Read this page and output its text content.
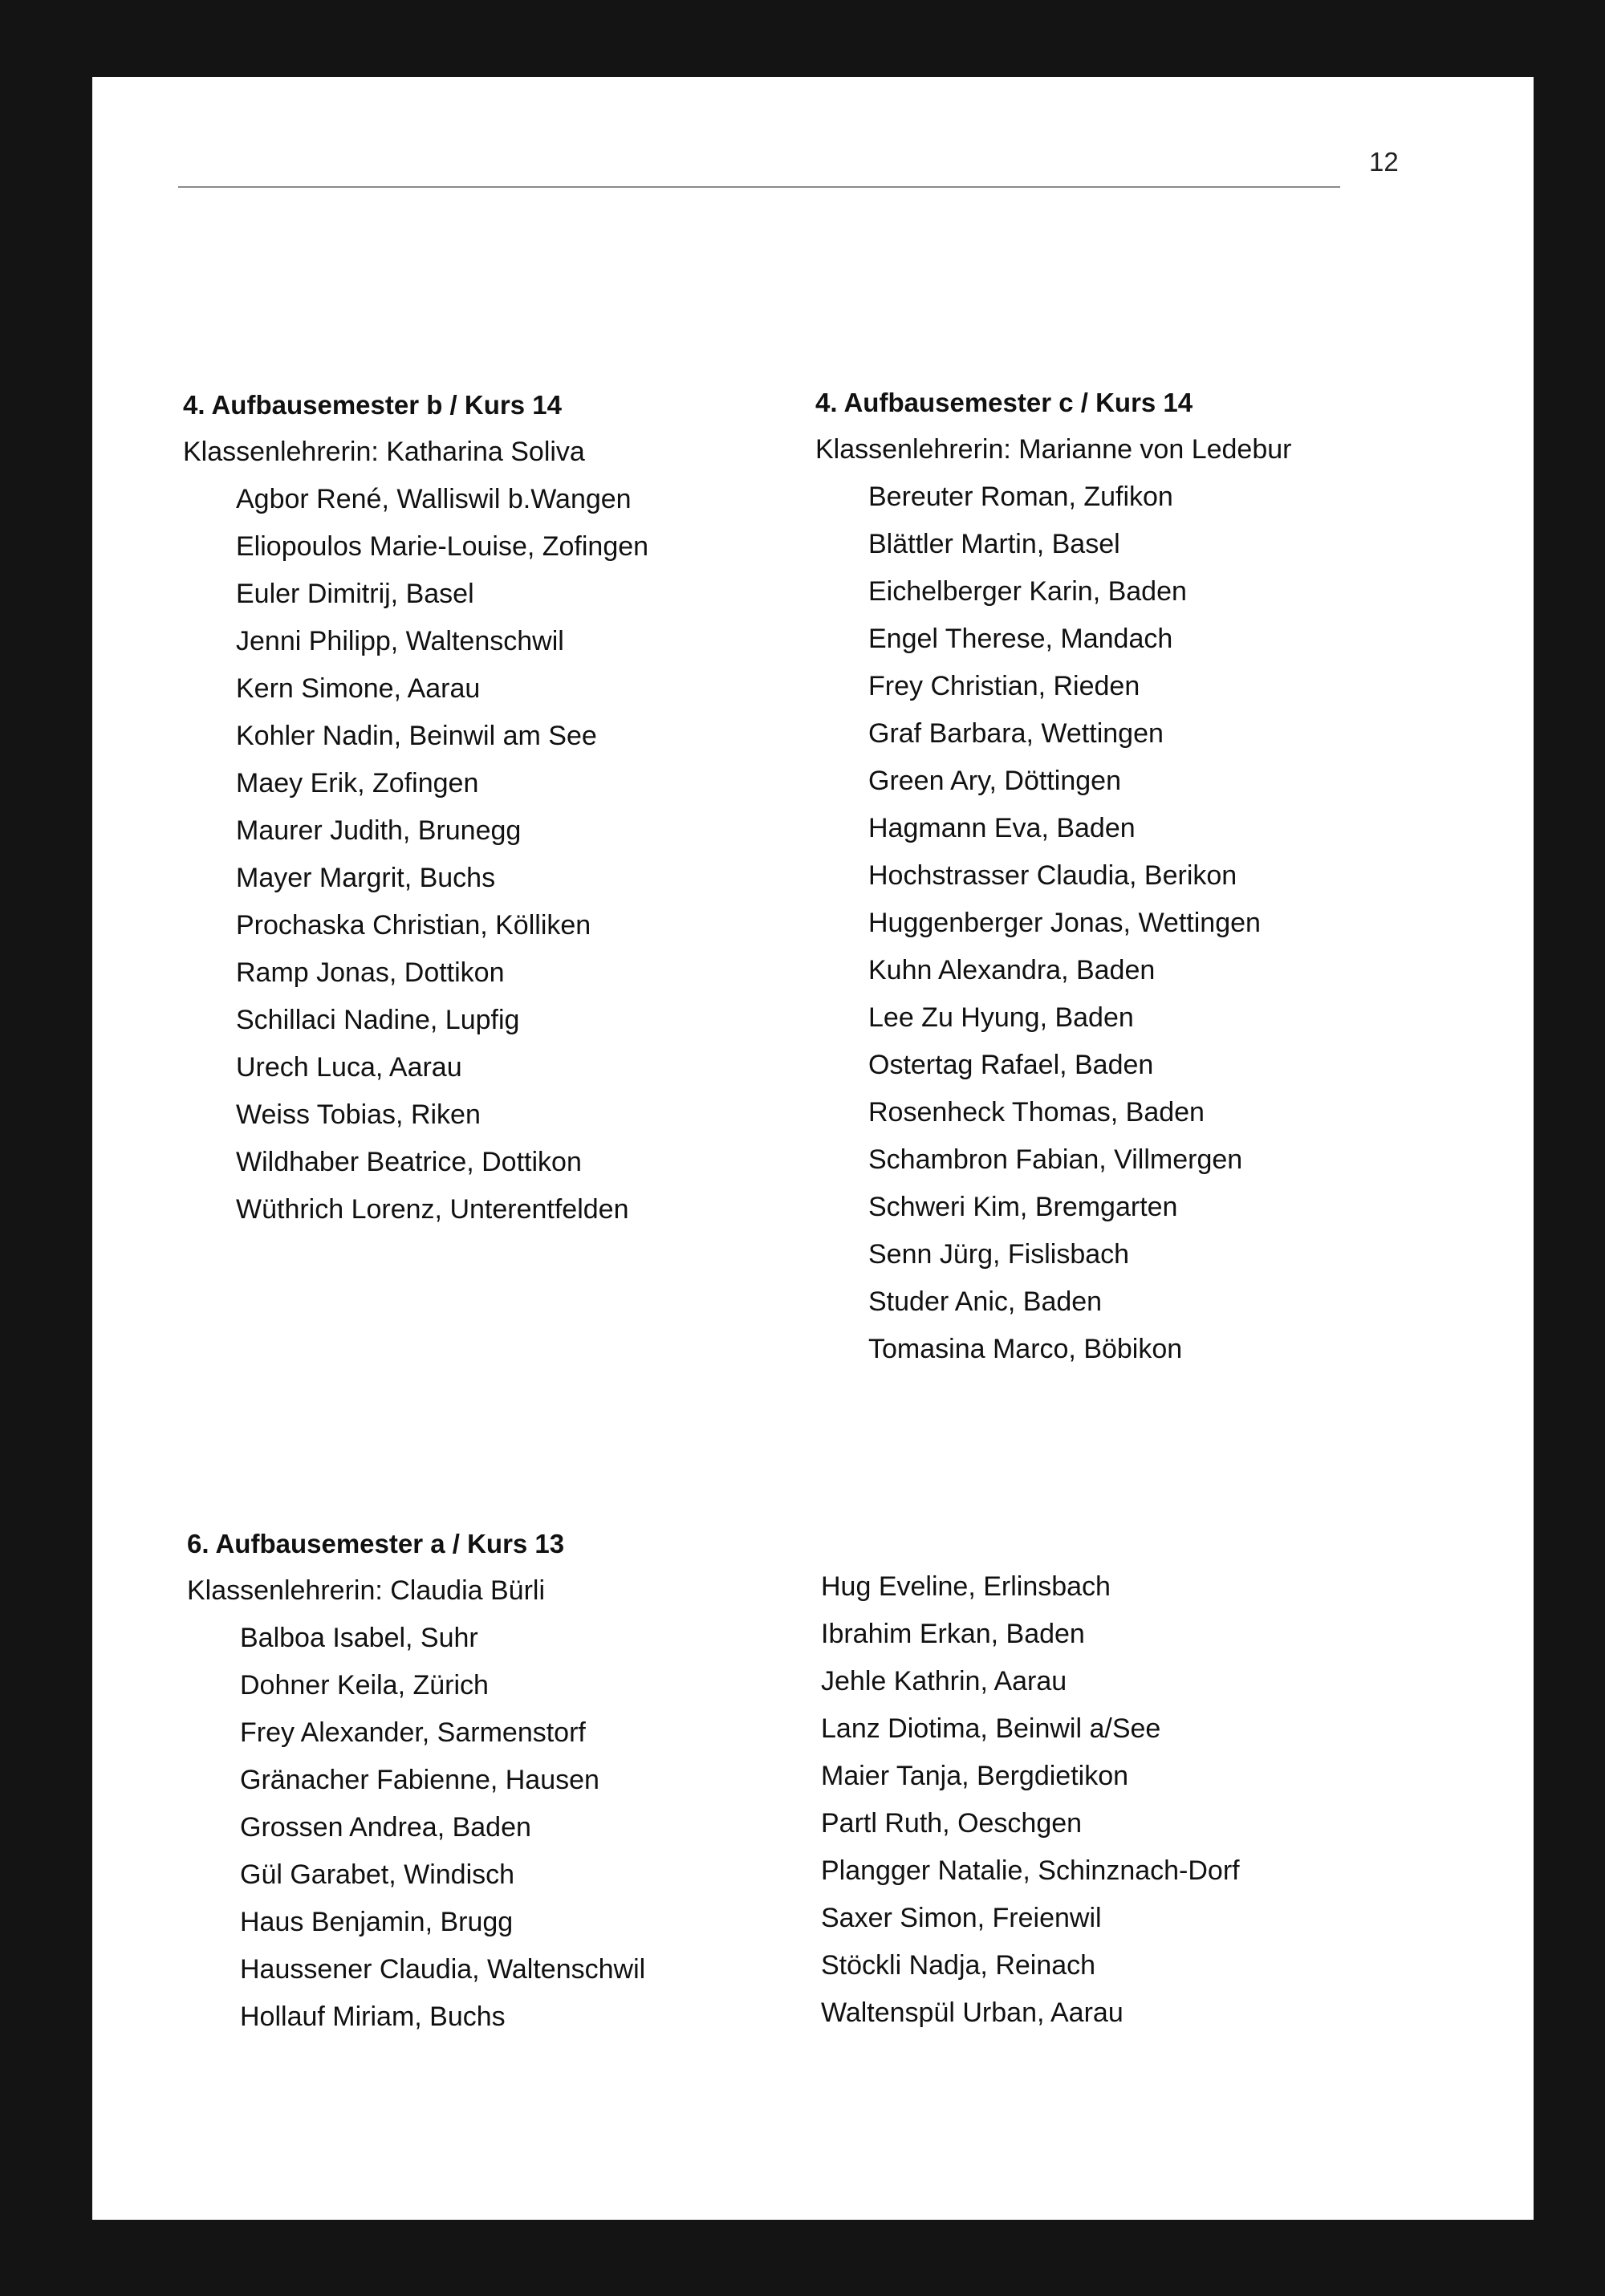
12
4. Aufbausemester b / Kurs 14
Klassenlehrerin: Katharina Soliva
Agbor René, Walliswil b.Wangen
Eliopoulos Marie-Louise, Zofingen
Euler Dimitrij, Basel
Jenni Philipp, Waltenschwil
Kern Simone, Aarau
Kohler Nadin, Beinwil am See
Maey Erik, Zofingen
Maurer Judith, Brunegg
Mayer Margrit, Buchs
Prochaska Christian, Kölliken
Ramp Jonas, Dottikon
Schillaci Nadine, Lupfig
Urech Luca, Aarau
Weiss Tobias, Riken
Wildhaber Beatrice, Dottikon
Wüthrich Lorenz, Unterentfelden
4. Aufbausemester c / Kurs 14
Klassenlehrerin: Marianne von Ledebur
Bereuter Roman, Zufikon
Blättler Martin, Basel
Eichelberger Karin, Baden
Engel Therese, Mandach
Frey Christian, Rieden
Graf Barbara, Wettingen
Green Ary, Döttingen
Hagmann Eva, Baden
Hochstrasser Claudia, Berikon
Huggenberger Jonas, Wettingen
Kuhn Alexandra, Baden
Lee Zu Hyung, Baden
Ostertag Rafael, Baden
Rosenheck Thomas, Baden
Schambron Fabian, Villmergen
Schweri Kim, Bremgarten
Senn Jürg, Fislisbach
Studer Anic, Baden
Tomasina Marco, Böbikon
6. Aufbausemester a / Kurs 13
Klassenlehrerin: Claudia Bürli
Balboa Isabel, Suhr
Dohner Keila, Zürich
Frey Alexander, Sarmenstorf
Gränacher Fabienne, Hausen
Grossen Andrea, Baden
Gül Garabet, Windisch
Haus Benjamin, Brugg
Haussener Claudia, Waltenschwil
Hollauf Miriam, Buchs
Hug Eveline, Erlinsbach
Ibrahim Erkan, Baden
Jehle Kathrin, Aarau
Lanz Diotima, Beinwil a/See
Maier Tanja, Bergdietikon
Partl Ruth, Oeschgen
Plangger Natalie, Schinznach-Dorf
Saxer Simon, Freienwil
Stöckli Nadja, Reinach
Waltenspül Urban, Aarau
